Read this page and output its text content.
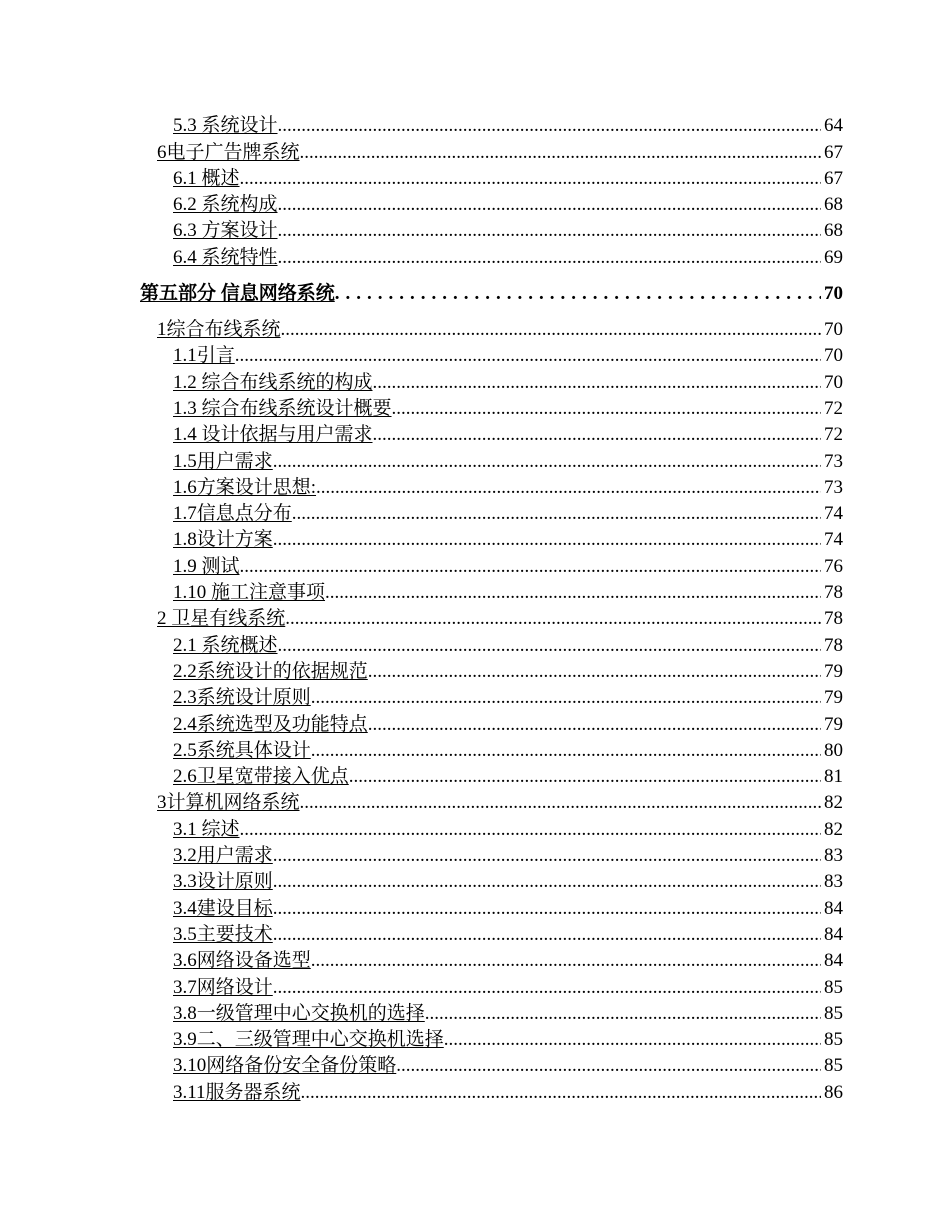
5.3 系统设计 .....	64
6电子广告牌系统 .....	67
6.1 概述 .....	67
6.2 系统构成 .....	68
6.3 方案设计 .....	68
6.4 系统特性 .....	69
第五部分 信息网络系统 .....	70
1综合布线系统 .....	70
1.1引言 .....	70
1.2 综合布线系统的构成 .....	70
1.3 综合布线系统设计概要 .....	72
1.4 设计依据与用户需求 .....	72
1.5用户需求 .....	73
1.6方案设计思想: .....	73
1.7信息点分布 .....	74
1.8设计方案 .....	74
1.9 测试 .....	76
1.10 施工注意事项 .....	78
2 卫星有线系统 .....	78
2.1 系统概述 .....	78
2.2系统设计的依据规范 .....	79
2.3系统设计原则 .....	79
2.4系统选型及功能特点 .....	79
2.5系统具体设计 .....	80
2.6卫星宽带接入优点 .....	81
3计算机网络系统 .....	82
3.1 综述 .....	82
3.2用户需求 .....	83
3.3设计原则 .....	83
3.4建设目标 .....	84
3.5主要技术 .....	84
3.6网络设备选型 .....	84
3.7网络设计 .....	85
3.8一级管理中心交换机的选择 .....	85
3.9二、三级管理中心交换机选择 .....	85
3.10网络备份安全备份策略 .....	85
3.11服务器系统 .....	86
